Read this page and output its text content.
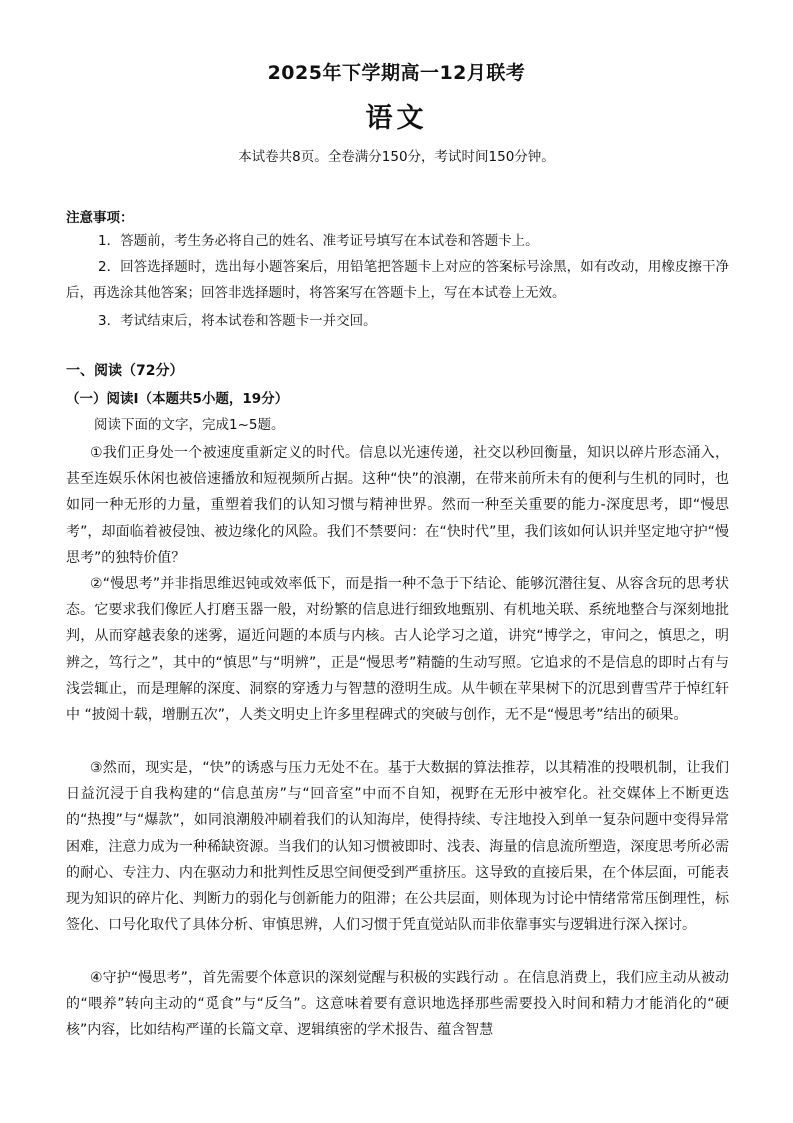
2025年下学期高一12月联考
语文
本试卷共8页。全卷满分150分，考试时间150分钟。
注意事项：
1．答题前，考生务必将自己的姓名、准考证号填写在本试卷和答题卡上。
2．回答选择题时，选出每小题答案后，用铅笔把答题卡上对应的答案标号涂黑，如有改动，用橡皮擦干净后，再选涂其他答案；回答非选择题时，将答案写在答题卡上，写在本试卷上无效。
3．考试结束后，将本试卷和答题卡一并交回。
一、阅读（72分）
（一）阅读Ⅰ（本题共5小题，19分）
阅读下面的文字，完成1~5题。

①我们正身处一个被速度重新定义的时代。信息以光速传递，社交以秒回衡量，知识以碎片形态涌入，甚至连娱乐休闲也被倍速播放和短视频所占据。这种“快”的浪潮，在带来前所未有的便利与生机的同时，也如同一种无形的力量，重塑着我们的认知习惯与精神世界。然而一种至关重要的能力-深度思考，即“慢思考”，却面临着被侵蚀、被边缘化的风险。我们不禁要问：在“快时代”里，我们该如何认识并坚定地守护“慢思考”的独特价值？

②“慢思考”并非指思维迟钝或效率低下，而是指一种不急于下结论、能够沉潜往复、从容含玩的思考状态。它要求我们像匠人打磨玉器一般，对纷繁的信息进行细致地甄别、有机地关联、系统地整合与深刻地批判，从而穿越表象的迷雾，逼近问题的本质与内核。古人论学习之道，讲究“博学之，审问之，慎思之，明辨之，笃行之”，其中的“慎思”与“明辨”，正是“慢思考”精髓的生动写照。它追求的不是信息的即时占有与浅尝辄止，而是理解的深度、洞察的穿透力与智慧的澄明生成。从牛顿在苹果树下的沉思到曹雪芹于悼红轩中 “披阅十载，增删五次”，人类文明史上许多里程碑式的突破与创作，无不是“慢思考”结出的硕果。

③然而，现实是，“快”的诱惑与压力无处不在。基于大数据的算法推荐，以其精准的投喂机制，让我们日益沉浸于自我构建的“信息茧房”与“回音室”中而不自知，视野在无形中被窄化。社交媒体上不断更迭的“热搜”与“爆款”，如同浪潮般冲刷着我们的认知海岸，使得持续、专注地投入到单一复杂问题中变得异常困难，注意力成为一种稀缺资源。当我们的认知习惯被即时、浅表、海量的信息流所塑造，深度思考所必需的耐心、专注力、内在驱动力和批判性反思空间便受到严重挤压。这导致的直接后果，在个体层面，可能表现为知识的碎片化、判断力的弱化与创新能力的阻滞；在公共层面，则体现为讨论中情绪常常压倒理性，标签化、口号化取代了具体分析、审慎思辨，人们习惯于凭直觉站队而非依靠事实与逻辑进行深入探讨。

④守护“慢思考”，首先需要个体意识的深刻觉醒与积极的实践行动 。在信息消费上，我们应主动从被动的“喂养”转向主动的“觅食”与“反刍”。这意味着要有意识地选择那些需要投入时间和精力才能消化的“硬核”内容，比如结构严谨的长篇文章、逻辑缜密的学术报告、蕴含智慧
